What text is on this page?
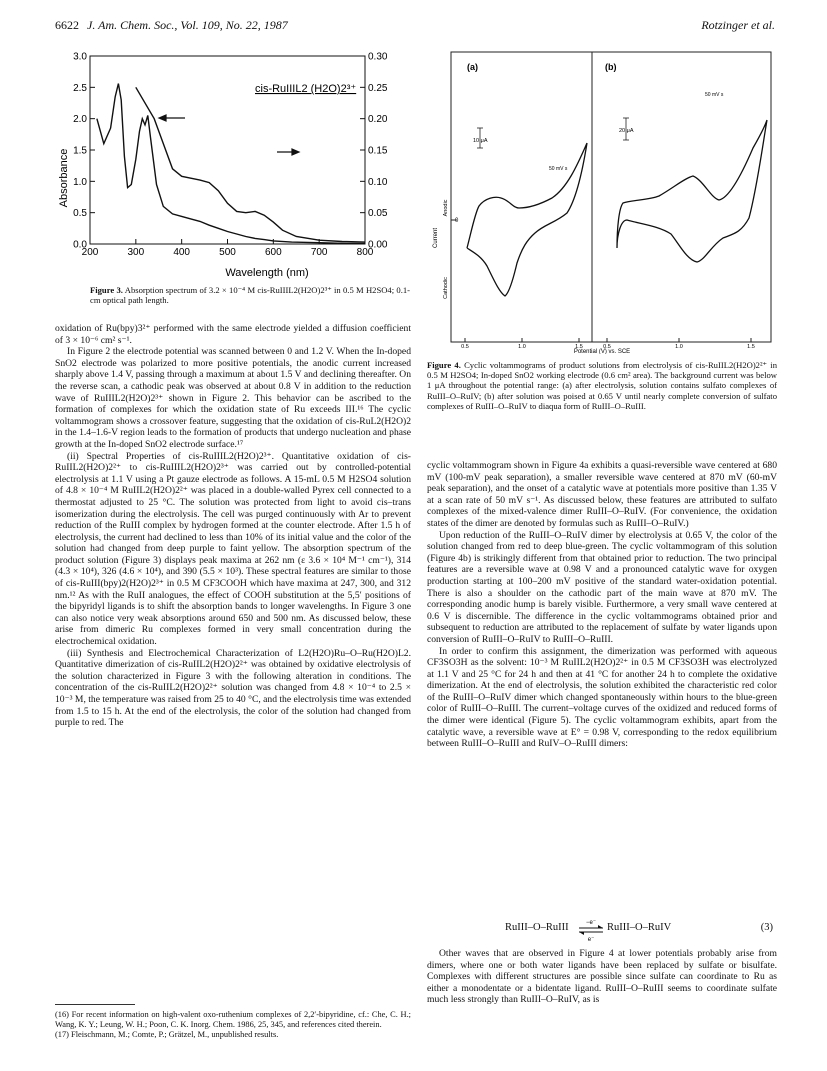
6622 J. Am. Chem. Soc., Vol. 109, No. 22, 1987	Rotzinger et al.
200	300	400	500	600	700	800
0.0
0.5
1.0
1.5
2.0
2.5
3.0
0.00
0.05
0.10
0.15
0.20
0.25
0.30
cis-RuIIIL2 (H2O)2³⁺
Absorbance
Wavelength (nm)
Figure 3. Absorption spectrum of 3.2 × 10⁻⁴ M cis-RuIIIL2(H2O)2³⁺ in 0.5 M H2SO4; 0.1-cm optical path length.
(a)	(b)
Current
Anodic
Cathodic
0
10 μA
20 μA
50 mV s
50 mV s
0.5	1.0	1.5	0.5	1.0	1.5
Potential (V) vs. SCE
Figure 4. Cyclic voltammograms of product solutions from electrolysis of cis-RuIIL2(H2O)2²⁺ in 0.5 M H2SO4; In-doped SnO2 working electrode (0.6 cm² area). The background current was below 1 μA throughout the potential range: (a) after electrolysis, solution contains sulfato complexes of RuIII–O–RuIV; (b) after solution was poised at 0.65 V until nearly complete conversion of sulfato complexes of RuIII–O–RuIV to diaqua form of RuIII–O–RuIII.

oxidation of Ru(bpy)3²⁺ performed with the same electrode yielded a diffusion coefficient of 3 × 10⁻⁶ cm² s⁻¹.

In Figure 2 the electrode potential was scanned between 0 and 1.2 V. When the In-doped SnO2 electrode was polarized to more positive potentials, the anodic current increased sharply above 1.4 V, passing through a maximum at about 1.5 V and declining thereafter. On the reverse scan, a cathodic peak was observed at about 0.8 V in addition to the reduction wave of RuIIIL2(H2O)2³⁺ shown in Figure 2. This behavior can be ascribed to the formation of complexes for which the oxidation state of Ru exceeds III.¹⁶ The cyclic voltammogram shows a crossover feature, suggesting that the oxidation of cis-RuL2(H2O)2 in the 1.4–1.6-V region leads to the formation of products that undergo nucleation and phase growth at the In-doped SnO2 electrode surface.¹⁷

(ii) Spectral Properties of cis-RuIIIL2(H2O)2³⁺. Quantitative oxidation of cis-RuIIL2(H2O)2²⁺ to cis-RuIIIL2(H2O)2³⁺ was carried out by controlled-potential electrolysis at 1.1 V using a Pt gauze electrode as follows. A 15-mL 0.5 M H2SO4 solution of 4.8 × 10⁻⁴ M RuIIL2(H2O)2²⁺ was placed in a double-walled Pyrex cell connected to a thermostat adjusted to 25 °C. The solution was protected from light to avoid cis–trans isomerization during the electrolysis. The cell was purged continuously with Ar to prevent reduction of the RuIII complex by hydrogen formed at the counter electrode. After 1.5 h of electrolysis, the current had declined to less than 10% of its initial value and the color of the solution had changed from deep purple to faint yellow. The absorption spectrum of the product solution (Figure 3) displays peak maxima at 262 nm (ε 3.6 × 10⁴ M⁻¹ cm⁻¹), 314 (4.3 × 10⁴), 326 (4.6 × 10⁴), and 390 (5.5 × 10³). These spectral features are similar to those of cis-RuIII(bpy)2(H2O)2³⁺ in 0.5 M CF3COOH which have maxima at 247, 300, and 312 nm.¹² As with the RuII analogues, the effect of COOH substitution at the 5,5′ positions of the bipyridyl ligands is to shift the absorption bands to longer wavelengths. In Figure 3 one can also notice very weak absorptions around 650 and 500 nm. As discussed below, these arise from dimeric Ru complexes formed in very small concentration during the electrochemical oxidation.

(iii) Synthesis and Electrochemical Characterization of L2(H2O)Ru–O–Ru(H2O)L2. Quantitative dimerization of cis-RuIIL2(H2O)2²⁺ was obtained by oxidative electrolysis of the solution characterized in Figure 3 with the following alteration in conditions. The concentration of the cis-RuIIL2(H2O)2²⁺ solution was changed from 4.8 × 10⁻⁴ to 2.5 × 10⁻³ M, the temperature was raised from 25 to 40 °C, and the electrolysis time was extended from 1.5 to 15 h. At the end of the electrolysis, the color of the solution had changed from purple to red. The

(16) For recent information on high-valent oxo-ruthenium complexes of 2,2′-bipyridine, cf.: Che, C. H.; Wang, K. Y.; Leung, W. H.; Poon, C. K. Inorg. Chem. 1986, 25, 345, and references cited therein.
(17) Fleischmann, M.; Comte, P.; Grätzel, M., unpublished results.

cyclic voltammogram shown in Figure 4a exhibits a quasi-reversible wave centered at 680 mV (100-mV peak separation), a smaller reversible wave centered at 870 mV (60-mV peak separation), and the onset of a catalytic wave at potentials more positive than 1.35 V at a scan rate of 50 mV s⁻¹. As discussed below, these features are attributed to sulfato complexes of the mixed-valence dimer RuIII–O–RuIV. (For convenience, the oxidation states of the dimer are denoted by formulas such as RuIII–O–RuIV.)

Upon reduction of the RuIII–O–RuIV dimer by electrolysis at 0.65 V, the color of the solution changed from red to deep blue-green. The cyclic voltammogram of this solution (Figure 4b) is strikingly different from that obtained prior to reduction. The two principal features are a reversible wave at 0.98 V and a pronounced catalytic wave for oxygen production starting at 100–200 mV positive of the standard water-oxidation potential. There is also a shoulder on the cathodic part of the main wave at 870 mV. The corresponding anodic hump is barely visible. Furthermore, a very small wave centered at 0.6 V is discernible. The difference in the cyclic voltammograms obtained prior and subsequent to reduction are attributed to the replacement of sulfate by water ligands upon conversion of RuIII–O–RuIV to RuIII–O–RuIII.

In order to confirm this assignment, the dimerization was performed with aqueous CF3SO3H as the solvent: 10⁻³ M RuIIL2(H2O)2²⁺ in 0.5 M CF3SO3H was electrolyzed at 1.1 V and 25 °C for 24 h and then at 41 °C for another 24 h to complete the oxidative dimerization. At the end of electrolysis, the solution exhibited the characteristic red color of the RuIII–O–RuIV dimer which changed spontaneously within hours to the blue-green color of RuIII–O–RuIII. The current–voltage curves of the oxidized and reduced forms of the dimer were identical (Figure 5). The cyclic voltammogram exhibits, apart from the catalytic wave, a reversible wave at E° = 0.98 V, corresponding to the redox equilibrium between RuIII–O–RuIII and RuIV–O–RuIII dimers:

RuIII–O–RuIII	−e⁻
e⁻
RuIII–O–RuIV	(3)

Other waves that are observed in Figure 4 at lower potentials probably arise from dimers, where one or both water ligands have been replaced by sulfate or bisulfate. Complexes with different structures are possible since sulfate can coordinate to Ru as either a monodentate or a bidentate ligand. RuIII–O–RuIII seems to coordinate sulfate much less strongly than RuIII–O–RuIV, as is
